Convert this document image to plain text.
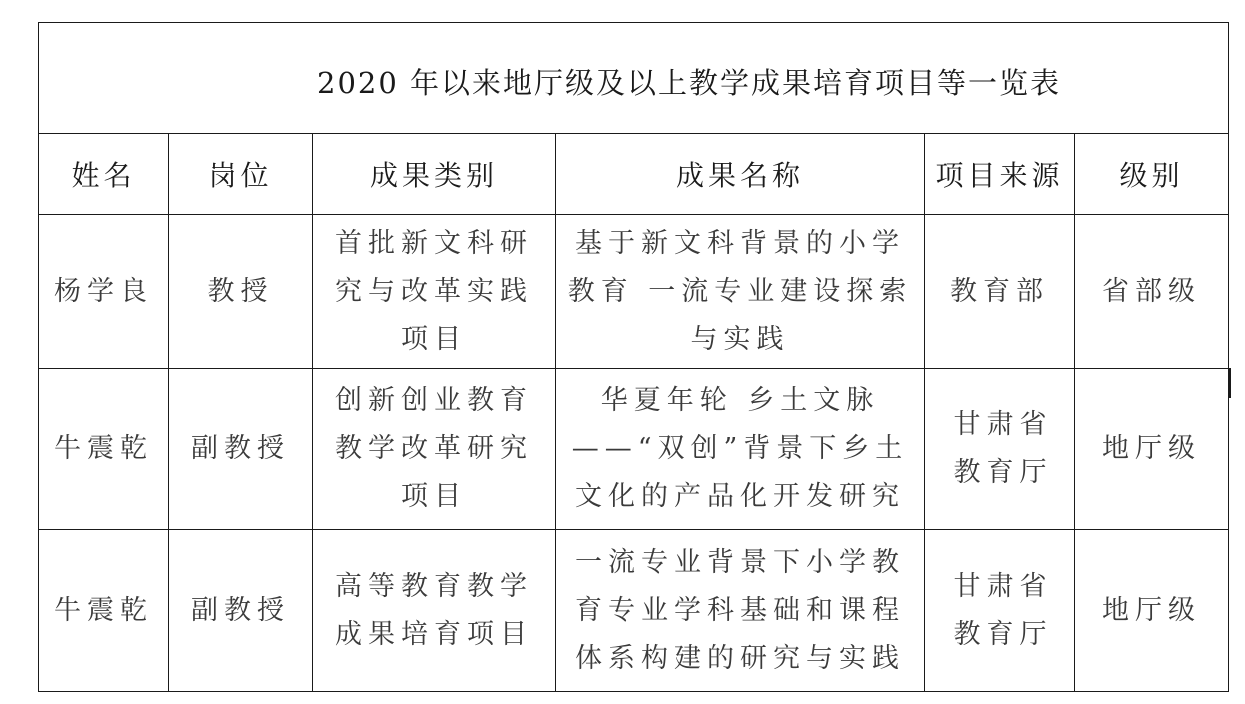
2020 年以来地厅级及以上教学成果培育项目等一览表					

姓名	岗位	成果类别	成果名称	项目来源	级别
杨学良	教授	首批新文科研究与改革实践项目	基于新文科背景的小学教育 一流专业建设探索与实践	教育部	省部级
牛震乾	副教授	创新创业教育教学改革研究项目	华夏年轮 乡土文脉——“双创”背景下乡土文化的产品化开发研究	甘肃省教育厅	地厅级
牛震乾	副教授	高等教育教学成果培育项目	一流专业背景下小学教育专业学科基础和课程体系构建的研究与实践	甘肃省教育厅	地厅级
